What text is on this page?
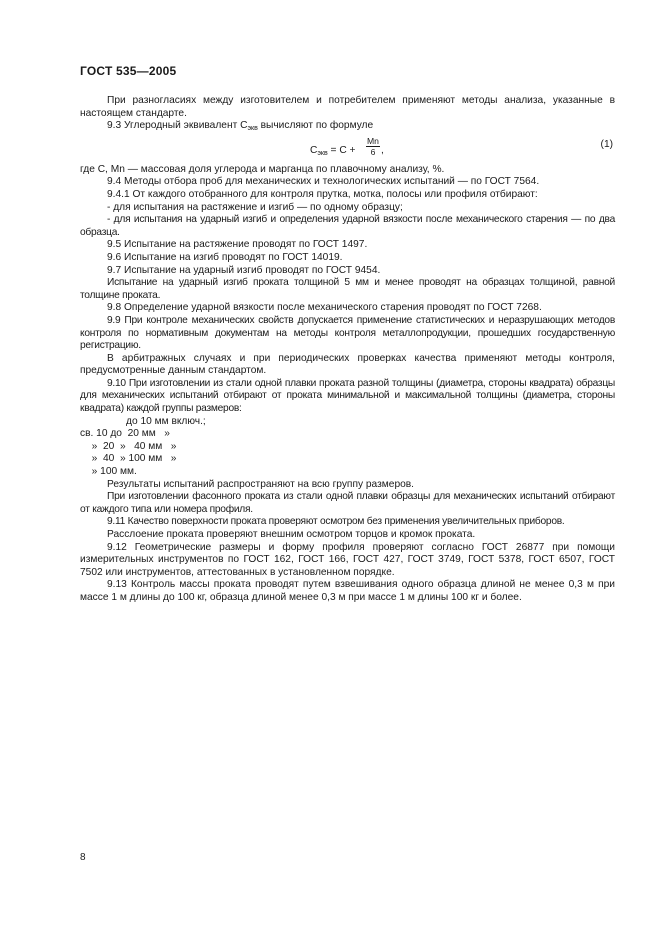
ГОСТ 535—2005

При разногласиях между изготовителем и потребителем применяют методы анализа, указанные в настоящем стандарте.

9.3 Углеродный эквивалент $С_{экв}$ вычисляют по формуле

$С_{экв} = С + \frac{Mn}{6}$ ,
(1)

где С, Mn — массовая доля углерода и марганца по плавочному анализу, %.

9.4 Методы отбора проб для механических и технологических испытаний — по ГОСТ 7564.

9.4.1 От каждого отобранного для контроля прутка, мотка, полосы или профиля отбирают:

- для испытания на растяжение и изгиб — по одному образцу;

- для испытания на ударный изгиб и определения ударной вязкости после механического старения — по два образца.

9.5 Испытание на растяжение проводят по ГОСТ 1497.

9.6 Испытание на изгиб проводят по ГОСТ 14019.

9.7 Испытание на ударный изгиб проводят по ГОСТ 9454.

Испытание на ударный изгиб проката толщиной 5 мм и менее проводят на образцах толщиной, равной толщине проката.

9.8 Определение ударной вязкости после механического старения проводят по ГОСТ 7268.

9.9 При контроле механических свойств допускается применение статистических и неразрушающих методов контроля по нормативным документам на методы контроля металлопродукции, прошедших государственную регистрацию.

В арбитражных случаях и при периодических проверках качества применяют методы контроля, предусмотренные данным стандартом.

9.10 При изготовлении из стали одной плавки проката разной толщины (диаметра, стороны квадрата) образцы для механических испытаний отбирают от проката минимальной и максимальной толщины (диаметра, стороны квадрата) каждой группы размеров:

до 10 мм включ.;
св. 10 до  20 мм   »
»  20  »   40 мм   »
»  40  » 100 мм   »
» 100 мм.

Результаты испытаний распространяют на всю группу размеров.

При изготовлении фасонного проката из стали одной плавки образцы для механических испытаний отбирают от каждого типа или номера профиля.

9.11 Качество поверхности проката проверяют осмотром без применения увеличительных приборов.

Расслоение проката проверяют внешним осмотром торцов и кромок проката.

9.12 Геометрические размеры и форму профиля проверяют согласно ГОСТ 26877 при помощи измерительных инструментов по ГОСТ 162, ГОСТ 166, ГОСТ 427, ГОСТ 3749, ГОСТ 5378, ГОСТ 6507, ГОСТ 7502 или инструментов, аттестованных в установленном порядке.

9.13 Контроль массы проката проводят путем взвешивания одного образца длиной не менее 0,3 м при массе 1 м длины до 100 кг, образца длиной менее 0,3 м при массе 1 м длины 100 кг и более.

8
